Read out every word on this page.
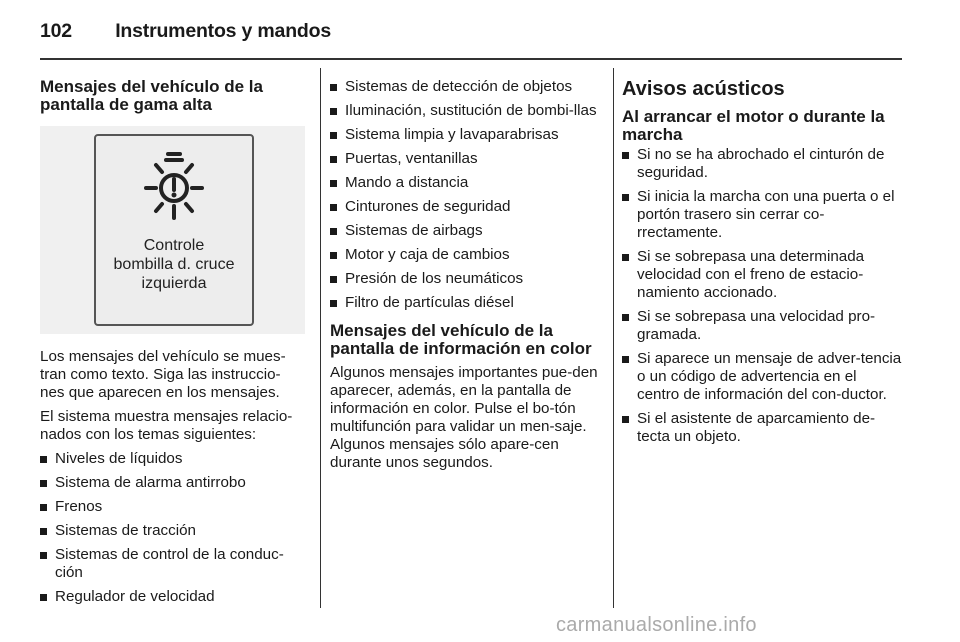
102 Instrumentos y mandos
Mensajes del vehículo de la pantalla de gama alta
Controle
bombilla d. cruce
izquierda

Los mensajes del vehículo se mues-tran como texto. Siga las instruccio-nes que aparecen en los mensajes.

El sistema muestra mensajes relacio-nados con los temas siguientes:

Niveles de líquidos
Sistema de alarma antirrobo
Frenos
Sistemas de tracción
Sistemas de control de la conduc-ción
Regulador de velocidad
Sistemas de detección de objetos
Iluminación, sustitución de bombi-llas
Sistema limpia y lavaparabrisas
Puertas, ventanillas
Mando a distancia
Cinturones de seguridad
Sistemas de airbags
Motor y caja de cambios
Presión de los neumáticos
Filtro de partículas diésel
Mensajes del vehículo de la pantalla de información en color

Algunos mensajes importantes pue-den aparecer, además, en la pantalla de información en color. Pulse el bo-tón multifunción para validar un men-saje. Algunos mensajes sólo apare-cen durante unos segundos.

Avisos acústicos
Al arrancar el motor o durante la marcha
Si no se ha abrochado el cinturón de seguridad.
Si inicia la marcha con una puerta o el portón trasero sin cerrar co-rrectamente.
Si se sobrepasa una determinada velocidad con el freno de estacio-namiento accionado.
Si se sobrepasa una velocidad pro-gramada.
Si aparece un mensaje de adver-tencia o un código de advertencia en el centro de información del con-ductor.
Si el asistente de aparcamiento de-tecta un objeto.
carmanualsonline.info
